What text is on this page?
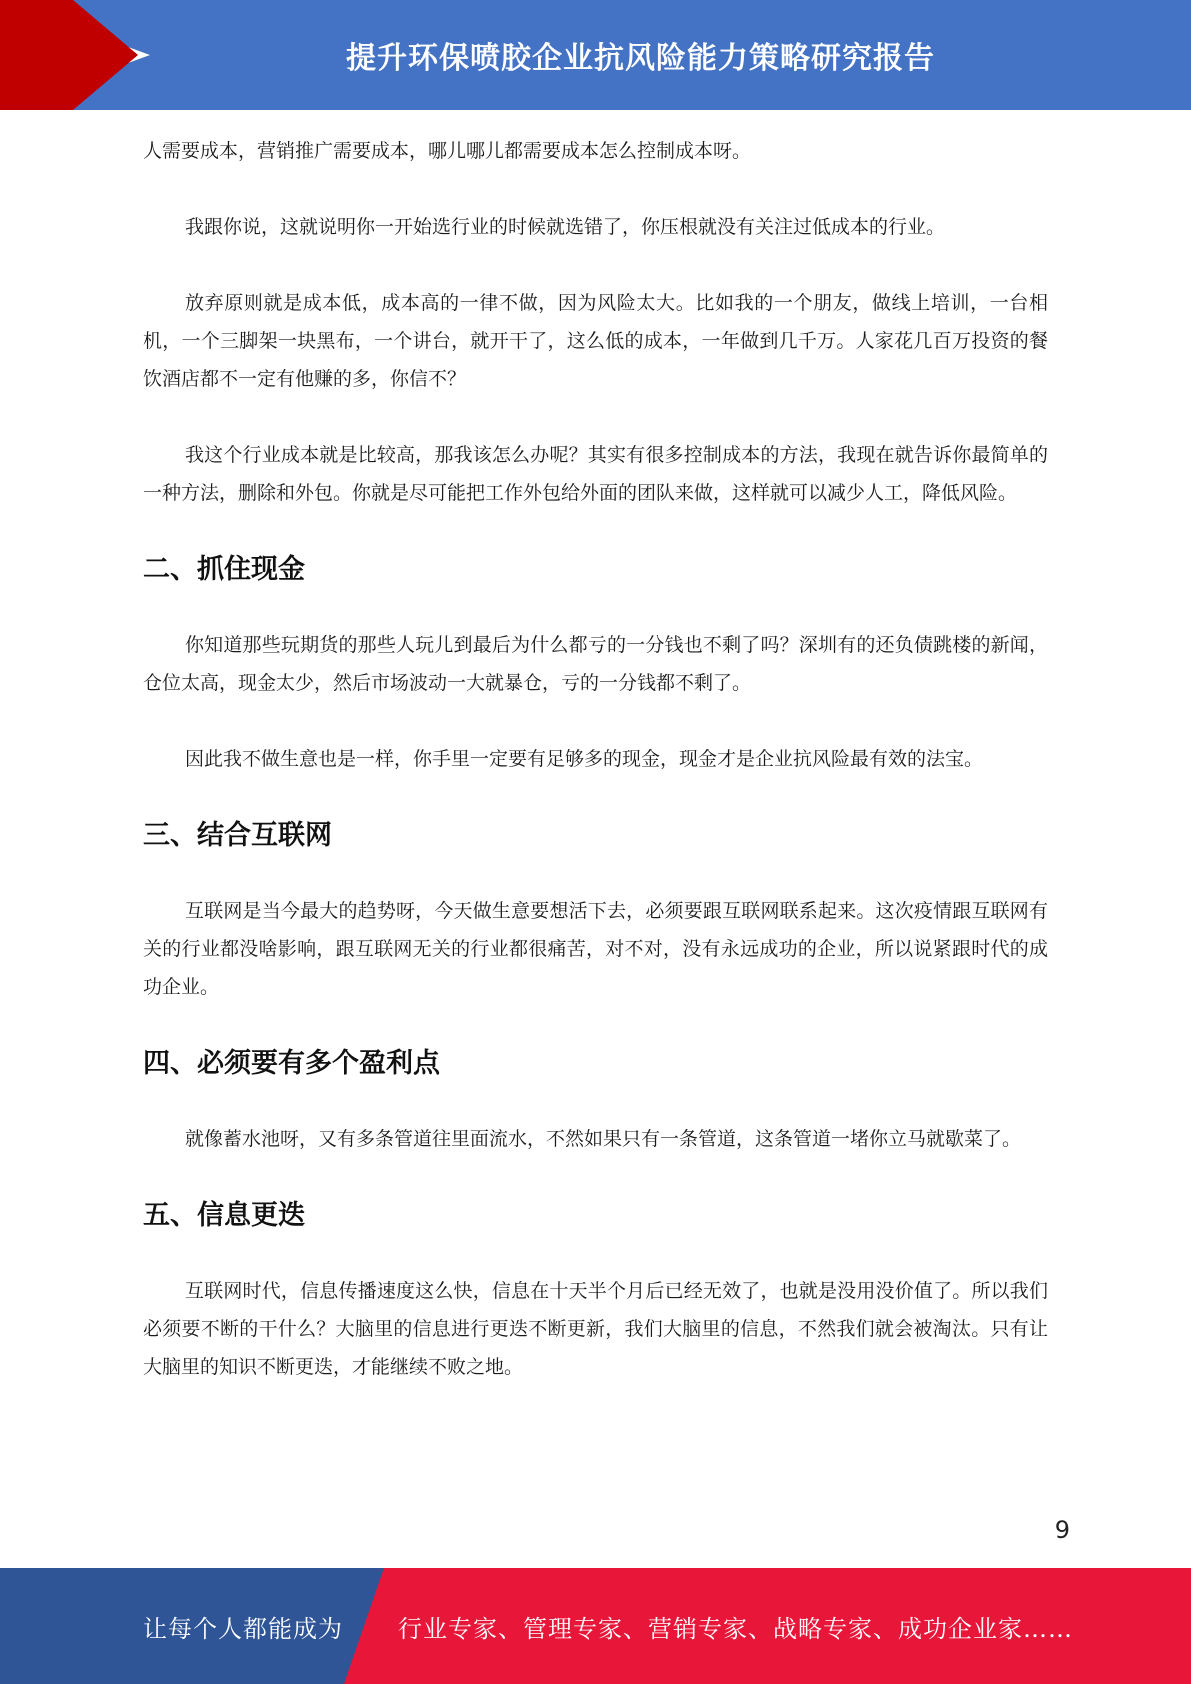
提升环保喷胶企业抗风险能力策略研究报告

人需要成本，营销推广需要成本，哪儿哪儿都需要成本怎么控制成本呀。

我跟你说，这就说明你一开始选行业的时候就选错了，你压根就没有关注过低成本的行业。

放弃原则就是成本低，成本高的一律不做，因为风险太大。比如我的一个朋友，做线上培训，一台相机，一个三脚架一块黑布，一个讲台，就开干了，这么低的成本，一年做到几千万。人家花几百万投资的餐饮酒店都不一定有他赚的多，你信不？

我这个行业成本就是比较高，那我该怎么办呢？其实有很多控制成本的方法，我现在就告诉你最简单的一种方法，删除和外包。你就是尽可能把工作外包给外面的团队来做，这样就可以减少人工，降低风险。

二、抓住现金

你知道那些玩期货的那些人玩儿到最后为什么都亏的一分钱也不剩了吗？深圳有的还负债跳楼的新闻，仓位太高，现金太少，然后市场波动一大就暴仓，亏的一分钱都不剩了。

因此我不做生意也是一样，你手里一定要有足够多的现金，现金才是企业抗风险最有效的法宝。

三、结合互联网

互联网是当今最大的趋势呀，今天做生意要想活下去，必须要跟互联网联系起来。这次疫情跟互联网有关的行业都没啥影响，跟互联网无关的行业都很痛苦，对不对，没有永远成功的企业，所以说紧跟时代的成功企业。

四、必须要有多个盈利点

就像蓄水池呀，又有多条管道往里面流水，不然如果只有一条管道，这条管道一堵你立马就歇菜了。

五、信息更迭

互联网时代，信息传播速度这么快，信息在十天半个月后已经无效了，也就是没用没价值了。所以我们必须要不断的干什么？大脑里的信息进行更迭不断更新，我们大脑里的信息，不然我们就会被淘汰。只有让大脑里的知识不断更迭，才能继续不败之地。

9
让每个人都能成为 行业专家、管理专家、营销专家、战略专家、成功企业家……
